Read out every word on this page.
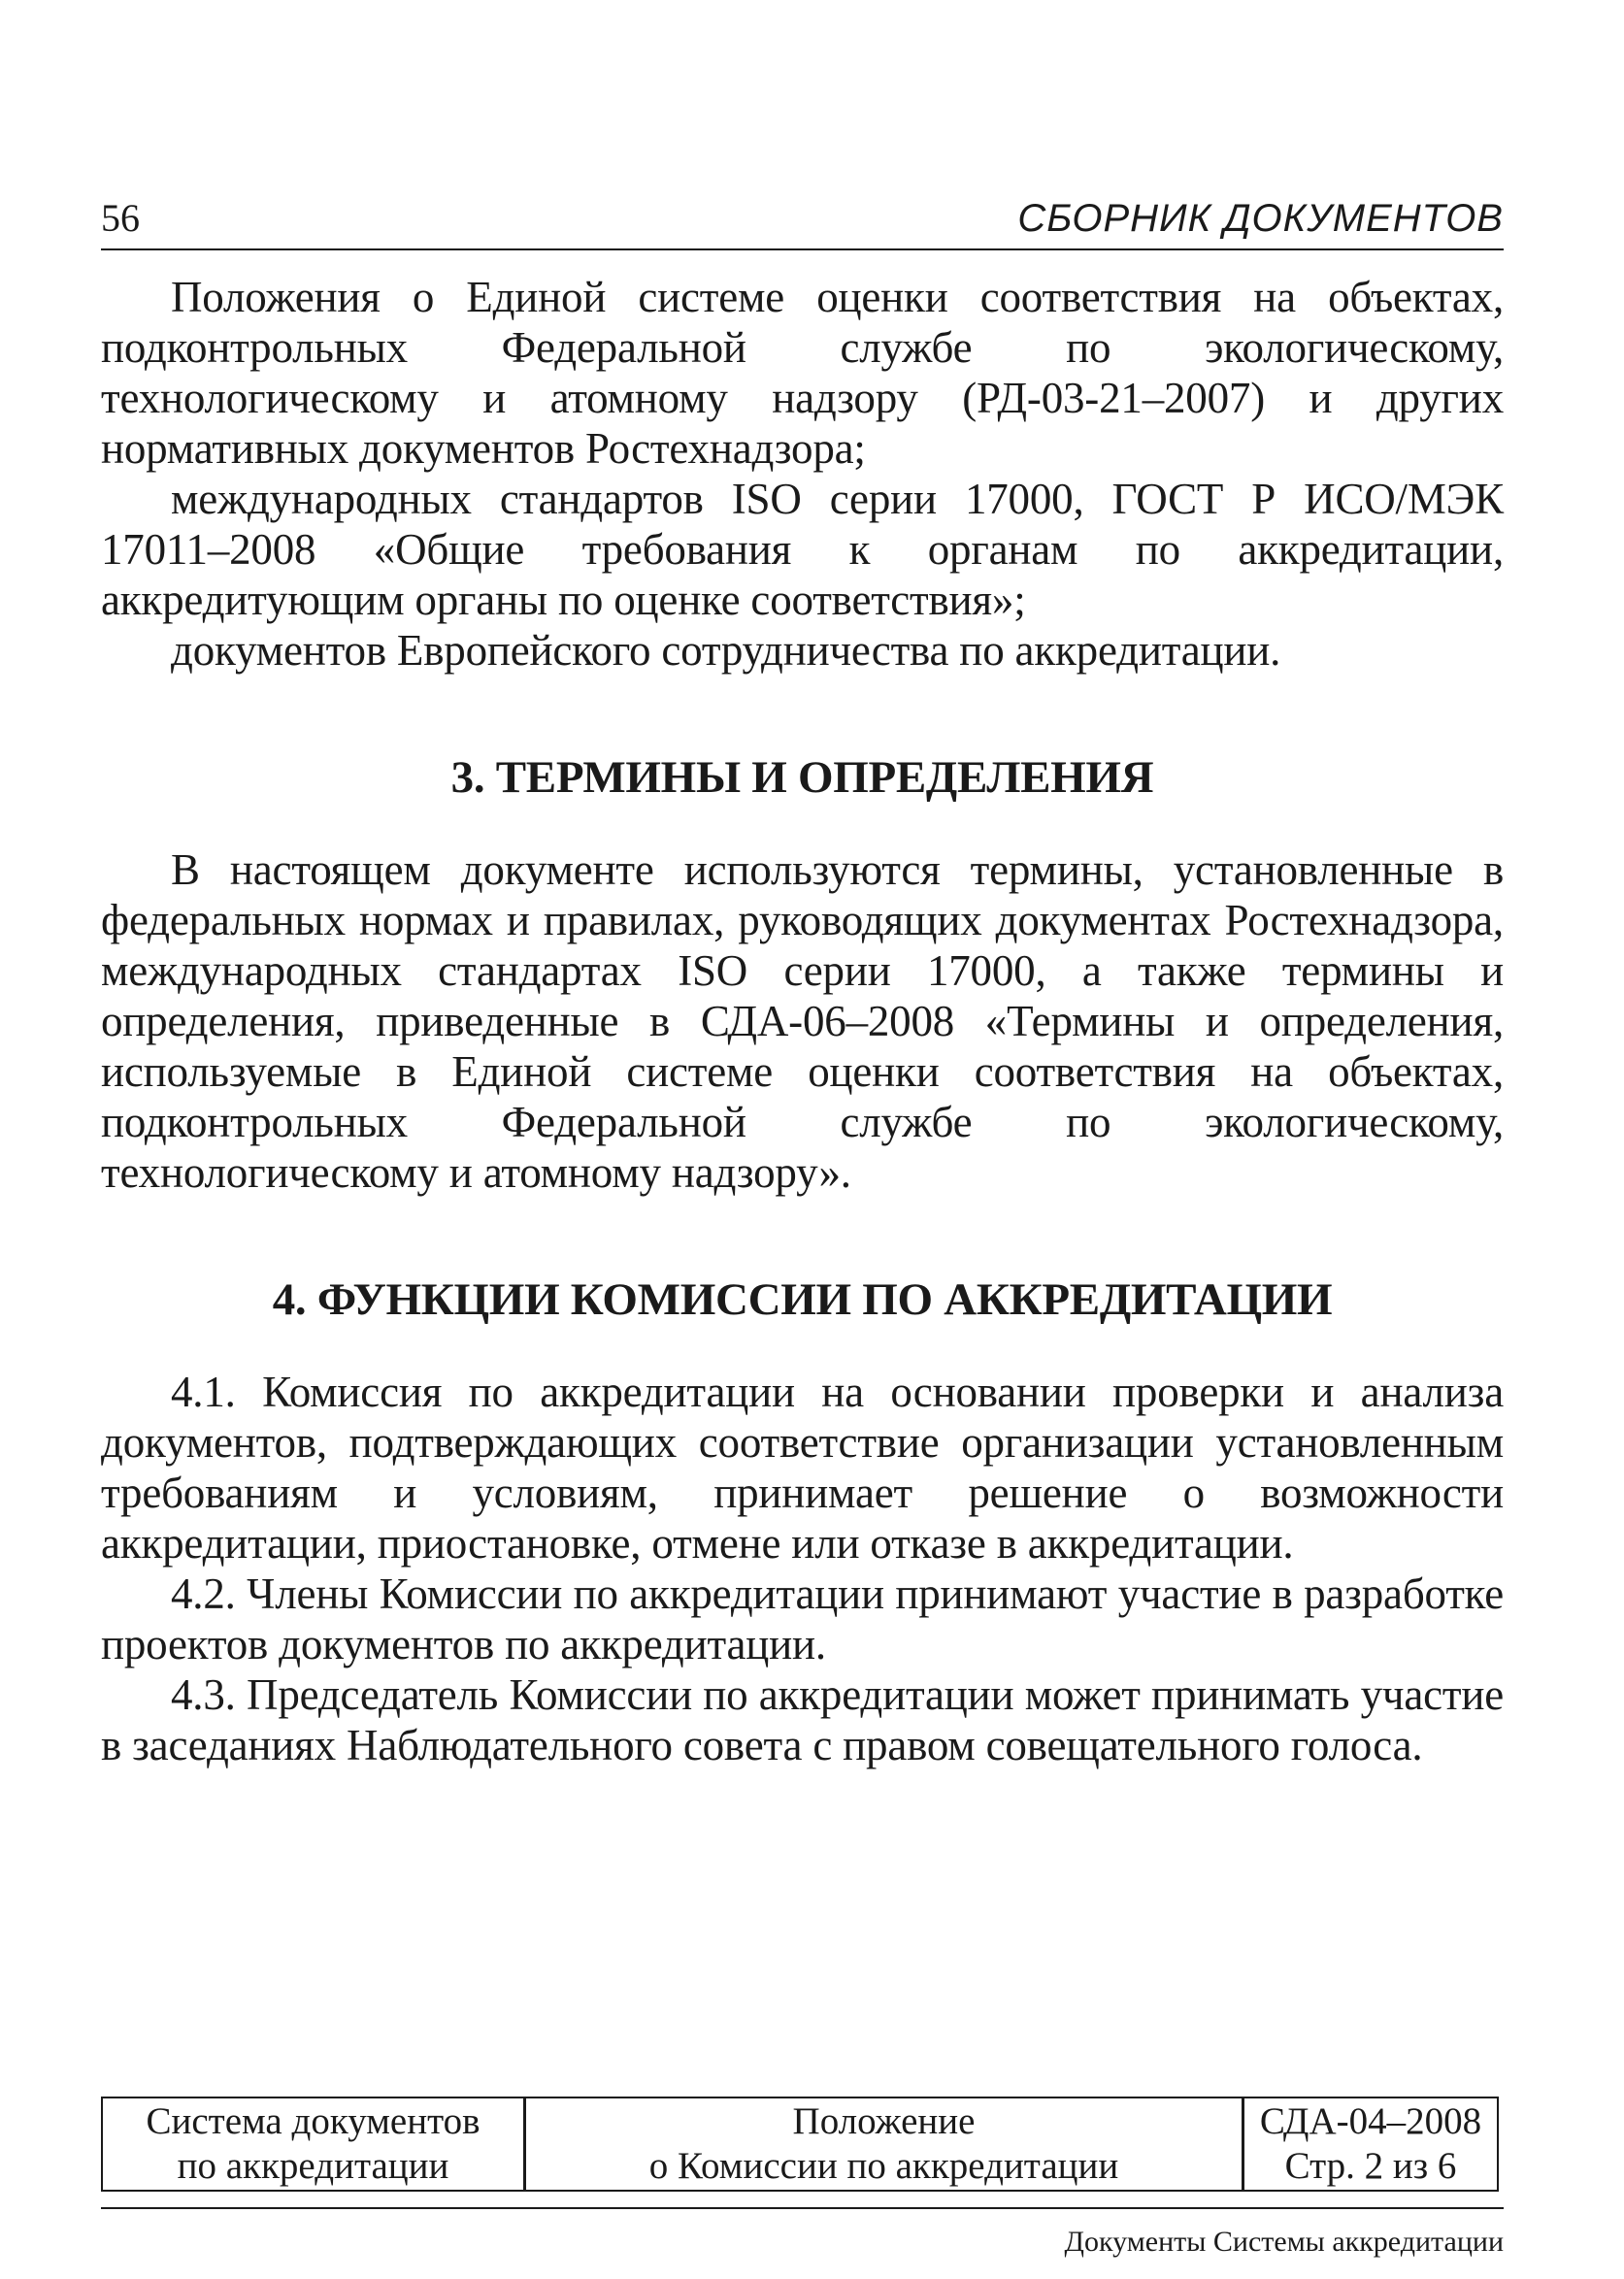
56	СБОРНИК ДОКУМЕНТОВ

Положения о Единой системе оценки соответствия на объектах, подконтрольных Федеральной службе по экологическому, технологическому и атомному надзору (РД-03-21–2007) и других нормативных документов Ростехнадзора;

международных стандартов ISO серии 17000, ГОСТ Р ИСО/МЭК 17011–2008 «Общие требования к органам по аккредитации, аккредитующим органы по оценке соответствия»;

документов Европейского сотрудничества по аккредитации.

3. ТЕРМИНЫ И ОПРЕДЕЛЕНИЯ

В настоящем документе используются термины, установленные в федеральных нормах и правилах, руководящих документах Ростехнадзора, международных стандартах ISO серии 17000, а также термины и определения, приведенные в СДА-06–2008 «Термины и определения, используемые в Единой системе оценки соответствия на объектах, подконтрольных Федеральной службе по экологическому, технологическому и атомному надзору».

4. ФУНКЦИИ КОМИССИИ ПО АККРЕДИТАЦИИ

4.1. Комиссия по аккредитации на основании проверки и анализа документов, подтверждающих соответствие организации установленным требованиям и условиям, принимает решение о возможности аккредитации, приостановке, отмене или отказе в аккредитации.

4.2. Члены Комиссии по аккредитации принимают участие в разработке проектов документов по аккредитации.

4.3. Председатель Комиссии по аккредитации может принимать участие в заседаниях Наблюдательного совета с правом совещательного голоса.

Система документов
по аккредитации
Положение
о Комиссии по аккредитации
СДА-04–2008
Стр. 2 из 6
Документы Системы аккредитации
